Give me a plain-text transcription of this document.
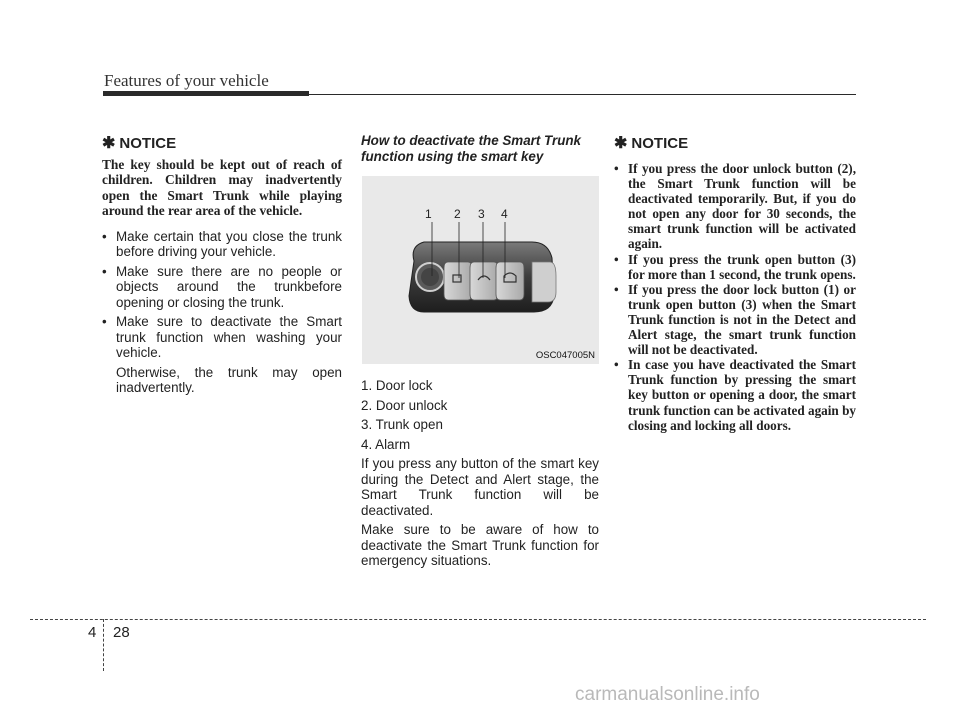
Features of your vehicle
✱ NOTICE

The key should be kept out of reach of children. Children may inadvertently open the Smart Trunk while playing around the rear area of the vehicle.

• Make certain that you close the trunk before driving your vehicle.
• Make sure there are no people or objects around the trunkbefore opening or closing the trunk.
• Make sure to deactivate the Smart trunk function when washing your vehicle.

Otherwise, the trunk may open inadvertently.

How to deactivate the Smart Trunk function using the smart key

1 2 3 4
OSC047005N

1. Door lock

2. Door unlock

3. Trunk open

4. Alarm

If you press any button of the smart key during the Detect and Alert stage, the Smart Trunk function will be deactivated.

Make sure to be aware of how to deactivate the Smart Trunk function for emergency situations.

✱ NOTICE
• If you press the door unlock button (2), the Smart Trunk function will be deactivated temporarily. But, if you do not open any door for 30 seconds, the smart trunk function will be activated again.
• If you press the trunk open button (3) for more than 1 second, the trunk opens.
• If you press the door lock button (1) or trunk open button (3) when the Smart Trunk function is not in the Detect and Alert stage, the smart trunk function will not be deactivated.
• In case you have deactivated the Smart Trunk function by pressing the smart key button or opening a door, the smart trunk function can be activated again by closing and locking all doors.
4 28
carmanualsonline.info
